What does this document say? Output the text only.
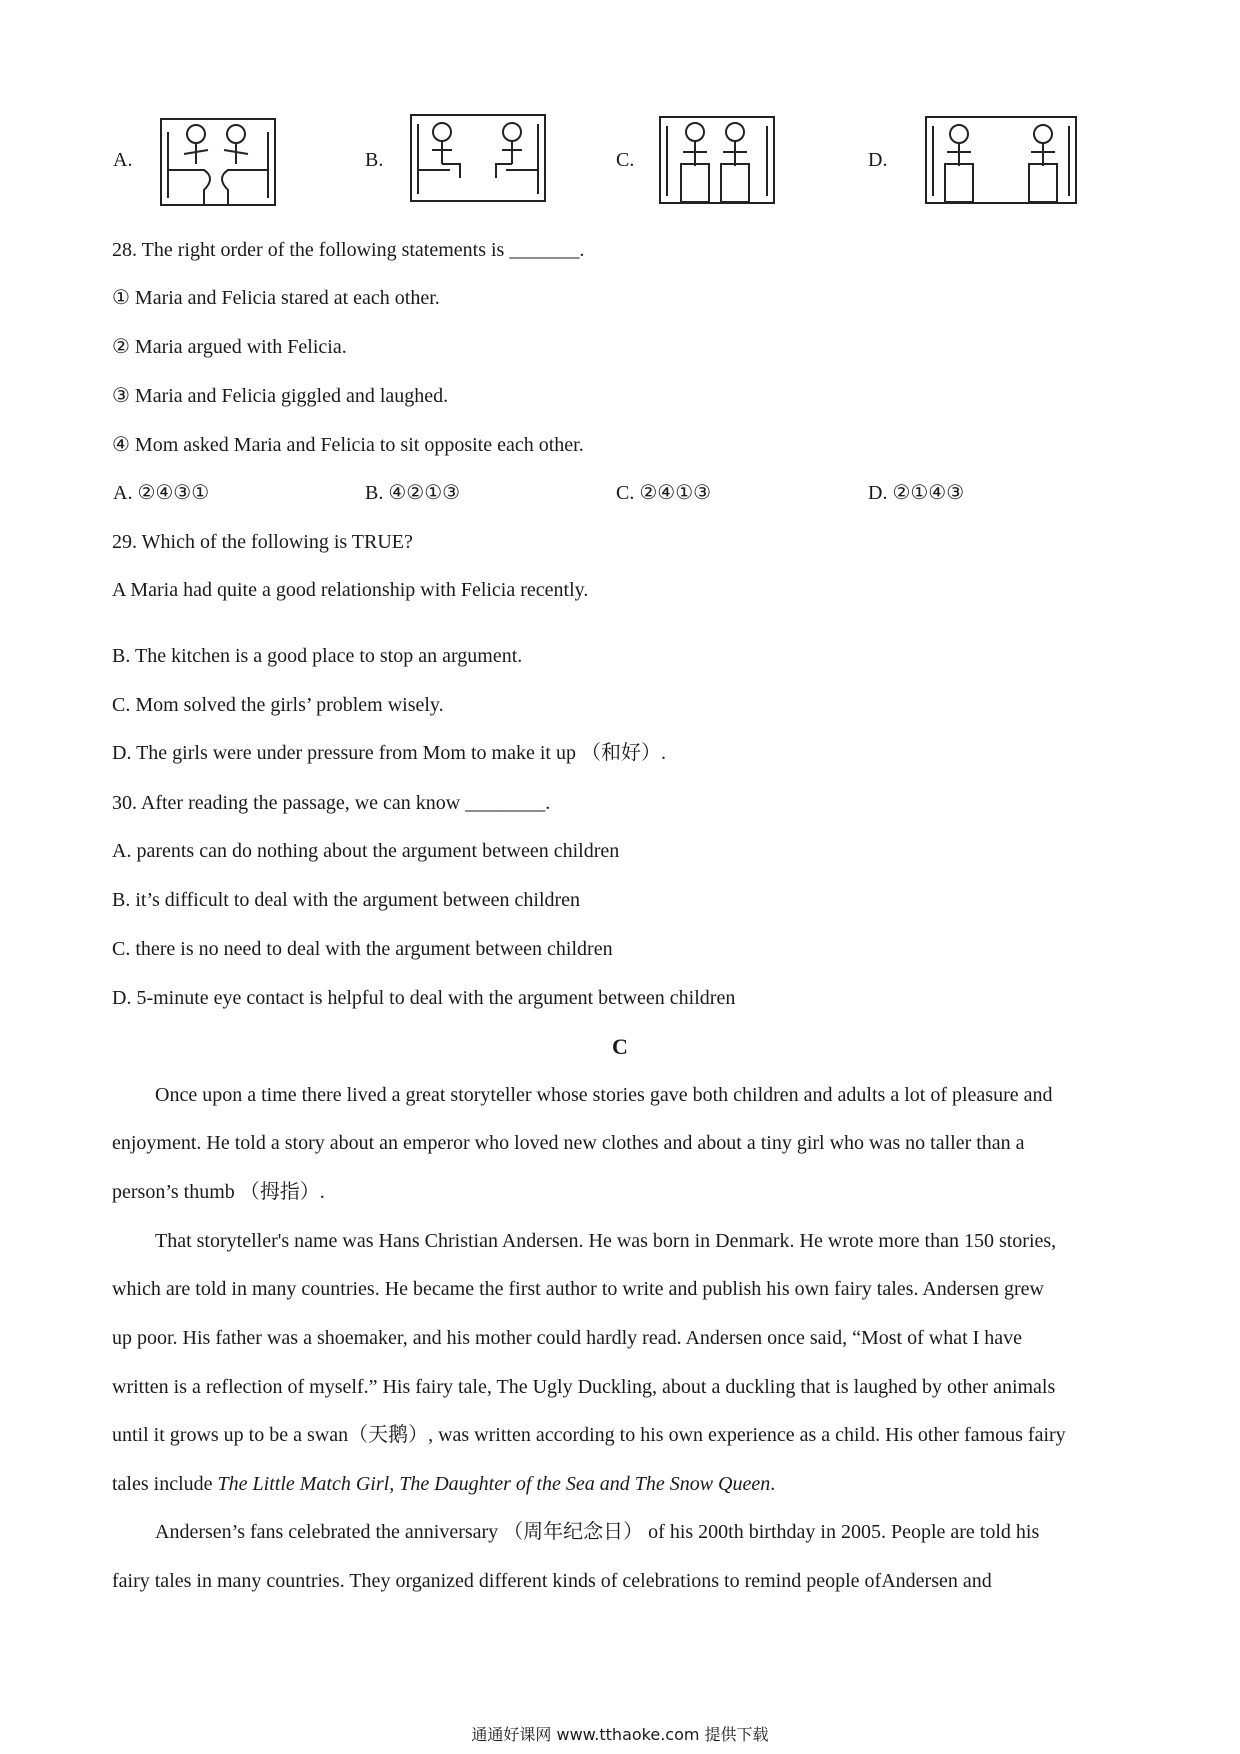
A.	B.	C.	D.
28. The right order of the following statements is _______.
① Maria and Felicia stared at each other.
② Maria argued with Felicia.
③ Maria and Felicia giggled and laughed.
④ Mom asked Maria and Felicia to sit opposite each other.
A. ②④③①	B. ④②①③	C. ②④①③	D. ②①④③
29. Which of the following is TRUE?
A Maria had quite a good relationship with Felicia recently.
B. The kitchen is a good place to stop an argument.
C. Mom solved the girls’ problem wisely.
D. The girls were under pressure from Mom to make it up （和好）.
30. After reading the passage, we can know ________.
A. parents can do nothing about the argument between children
B. it’s difficult to deal with the argument between children
C. there is no need to deal with the argument between children
D. 5-minute eye contact is helpful to deal with the argument between children
C
Once upon a time there lived a great storyteller whose stories gave both children and adults a lot of pleasure and
enjoyment. He told a story about an emperor who loved new clothes and about a tiny girl who was no taller than a
person’s thumb （拇指）.
That storyteller's name was Hans Christian Andersen. He was born in Denmark. He wrote more than 150 stories,
which are told in many countries. He became the first author to write and publish his own fairy tales. Andersen grew
up poor. His father was a shoemaker, and his mother could hardly read. Andersen once said, “Most of what I have
written is a reflection of myself.” His fairy tale, The Ugly Duckling, about a duckling that is laughed by other animals
until it grows up to be a swan（天鹅）, was written according to his own experience as a child. His other famous fairy
tales include The Little Match Girl, The Daughter of the Sea and The Snow Queen.
Andersen’s fans celebrated the anniversary （周年纪念日） of his 200th birthday in 2005. People are told his
fairy tales in many countries. They organized different kinds of celebrations to remind people ofAndersen and
通通好课网 www.tthaoke.com 提供下载
